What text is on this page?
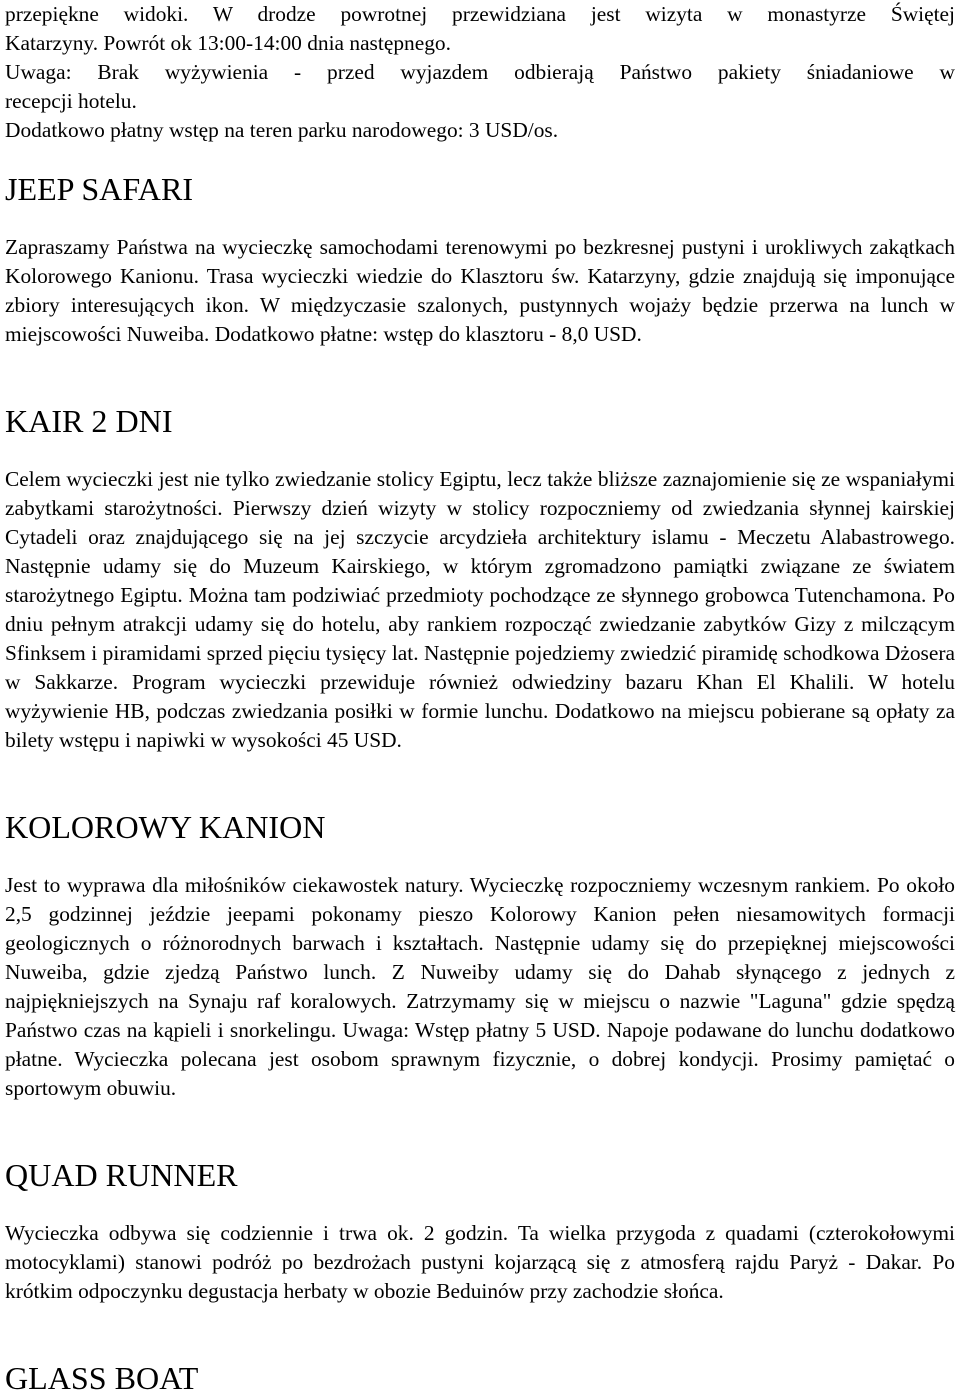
przepiękne widoki. W drodze powrotnej przewidziana jest wizyta w monastyrze Świętej
Katarzyny. Powrót ok 13:00-14:00 dnia następnego.
Uwaga: Brak wyżywienia - przed wyjazdem odbierają Państwo pakiety śniadaniowe w
recepcji hotelu.
Dodatkowo płatny wstęp na teren parku narodowego: 3 USD/os.
JEEP SAFARI

Zapraszamy Państwa na wycieczkę samochodami terenowymi po bezkresnej pustyni i urokliwych zakątkach Kolorowego Kanionu. Trasa wycieczki wiedzie do Klasztoru św. Katarzyny, gdzie znajdują się imponujące zbiory interesujących ikon. W międzyczasie szalonych, pustynnych wojaży będzie przerwa na lunch w miejscowości Nuweiba. Dodatkowo płatne: wstęp do klasztoru - 8,0 USD.

KAIR 2 DNI

Celem wycieczki jest nie tylko zwiedzanie stolicy Egiptu, lecz także bliższe zaznajomienie się ze wspaniałymi zabytkami starożytności. Pierwszy dzień wizyty w stolicy rozpoczniemy od zwiedzania słynnej kairskiej Cytadeli oraz znajdującego się na jej szczycie arcydzieła architektury islamu - Meczetu Alabastrowego. Następnie udamy się do Muzeum Kairskiego, w którym zgromadzono pamiątki związane ze światem starożytnego Egiptu. Można tam podziwiać przedmioty pochodzące ze słynnego grobowca Tutenchamona. Po dniu pełnym atrakcji udamy się do hotelu, aby rankiem rozpocząć zwiedzanie zabytków Gizy z milczącym Sfinksem i piramidami sprzed pięciu tysięcy lat. Następnie pojedziemy zwiedzić piramidę schodkowa Dżosera w Sakkarze. Program wycieczki przewiduje również odwiedziny bazaru Khan El Khalili. W hotelu wyżywienie HB, podczas zwiedzania posiłki w formie lunchu. Dodatkowo na miejscu pobierane są opłaty za bilety wstępu i napiwki w wysokości 45 USD.

KOLOROWY KANION

Jest to wyprawa dla miłośników ciekawostek natury. Wycieczkę rozpoczniemy wczesnym rankiem. Po około 2,5 godzinnej jeździe jeepami pokonamy pieszo Kolorowy Kanion pełen niesamowitych formacji geologicznych o różnorodnych barwach i kształtach. Następnie udamy się do przepięknej miejscowości Nuweiba, gdzie zjedzą Państwo lunch. Z Nuweiby udamy się do Dahab słynącego z jednych z najpiękniejszych na Synaju raf koralowych. Zatrzymamy się w miejscu o nazwie "Laguna" gdzie spędzą Państwo czas na kąpieli i snorkelingu. Uwaga: Wstęp płatny 5 USD. Napoje podawane do lunchu dodatkowo płatne. Wycieczka polecana jest osobom sprawnym fizycznie, o dobrej kondycji. Prosimy pamiętać o sportowym obuwiu.

QUAD RUNNER

Wycieczka odbywa się codziennie i trwa ok. 2 godzin. Ta wielka przygoda z quadami (czterokołowymi motocyklami) stanowi podróż po bezdrożach pustyni kojarzącą się z atmosferą rajdu Paryż - Dakar. Po krótkim odpoczynku degustacja herbaty w obozie Beduinów przy zachodzie słońca.

GLASS BOAT
